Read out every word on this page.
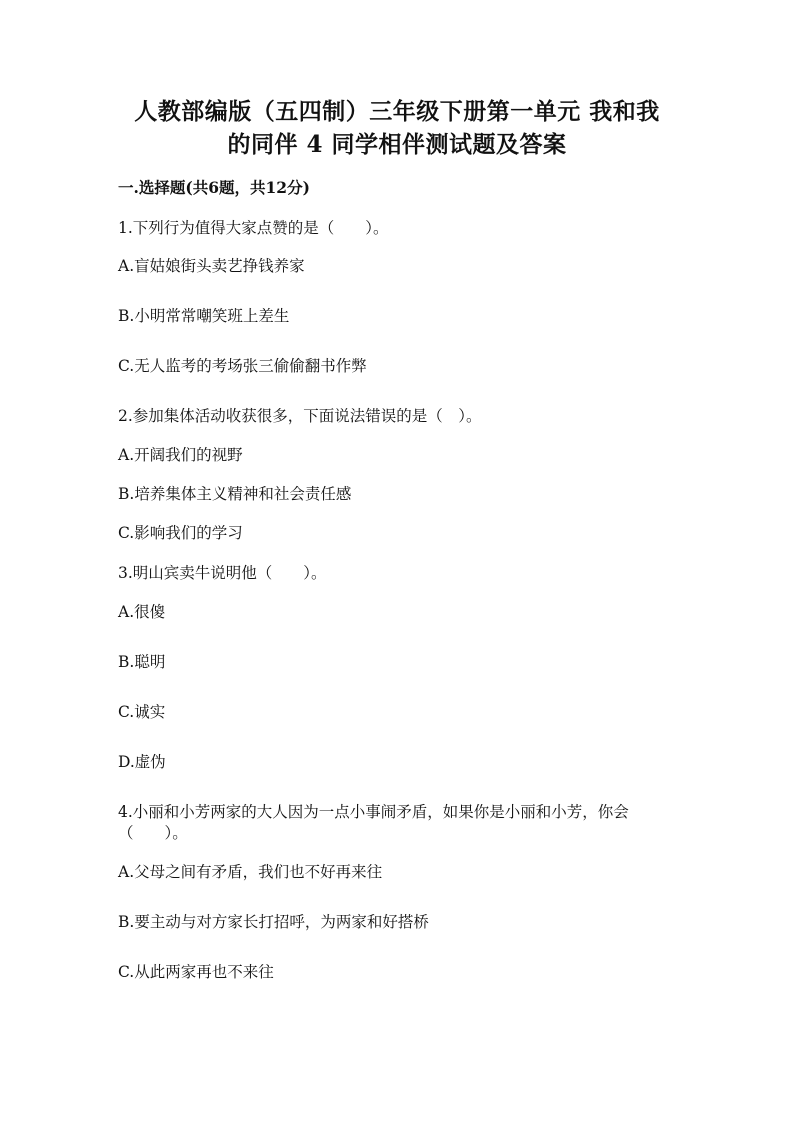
人教部编版（五四制）三年级下册第一单元 我和我
的同伴 4 同学相伴测试题及答案
一.选择题(共6题，共12分)
1.下列行为值得大家点赞的是（　　）。
A.盲姑娘街头卖艺挣钱养家
B.小明常常嘲笑班上差生
C.无人监考的考场张三偷偷翻书作弊
2.参加集体活动收获很多，下面说法错误的是（　）。
A.开阔我们的视野
B.培养集体主义精神和社会责任感
C.影响我们的学习
3.明山宾卖牛说明他（　　）。
A.很傻
B.聪明
C.诚实
D.虚伪
4.小丽和小芳两家的大人因为一点小事闹矛盾，如果你是小丽和小芳，你会
（　　）。
A.父母之间有矛盾，我们也不好再来往
B.要主动与对方家长打招呼，为两家和好搭桥
C.从此两家再也不来往
